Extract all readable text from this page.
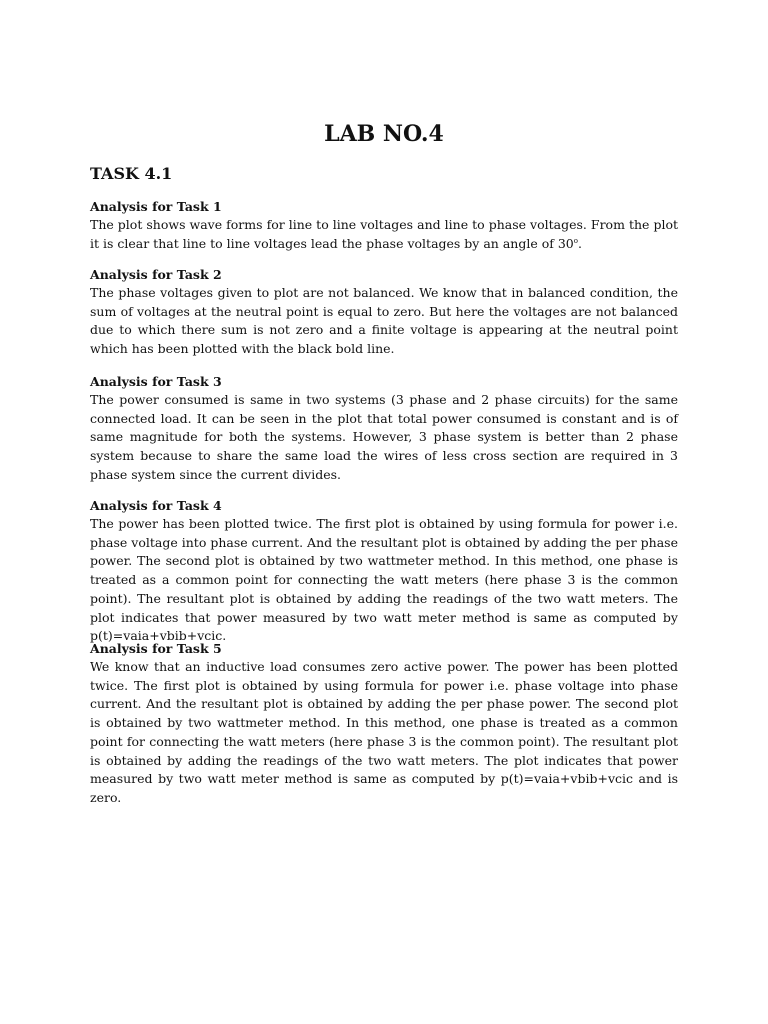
LAB NO.4
TASK 4.1

Analysis for Task 1

The plot shows wave forms for line to line voltages and line to phase voltages. From the plot it is clear that line to line voltages lead the phase voltages by an angle of 30$^o$.

Analysis for Task 2

The phase voltages given to plot are not balanced. We know that in balanced condition, the sum of voltages at the neutral point is equal to zero. But here the voltages are not balanced due to which there sum is not zero and a finite voltage is appearing at the neutral point which has been plotted with the black bold line.

Analysis for Task 3

The power consumed is same in two systems (3 phase and 2 phase circuits) for the same connected load. It can be seen in the plot that total power consumed is constant and is of same magnitude for both the systems. However, 3 phase system is better than 2 phase system because to share the same load the wires of less cross section are required in 3 phase system since the current divides.

Analysis for Task 4

The power has been plotted twice. The first plot is obtained by using formula for power i.e. phase voltage into phase current. And the resultant plot is obtained by adding the per phase power. The second plot is obtained by two wattmeter method. In this method, one phase is treated as a common point for connecting the watt meters (here phase 3 is the common point). The resultant plot is obtained by adding the readings of the two watt meters. The plot indicates that power measured by two watt meter method is same as computed by p(t)=vaia+vbib+vcic.

Analysis for Task 5

We know that an inductive load consumes zero active power. The power has been plotted twice. The first plot is obtained by using formula for power i.e. phase voltage into phase current. And the resultant plot is obtained by adding the per phase power. The second plot is obtained by two wattmeter method. In this method, one phase is treated as a common point for connecting the watt meters (here phase 3 is the common point). The resultant plot is obtained by adding the readings of the two watt meters. The plot indicates that power measured by two watt meter method is same as computed by p(t)=vaia+vbib+vcic and is zero.
